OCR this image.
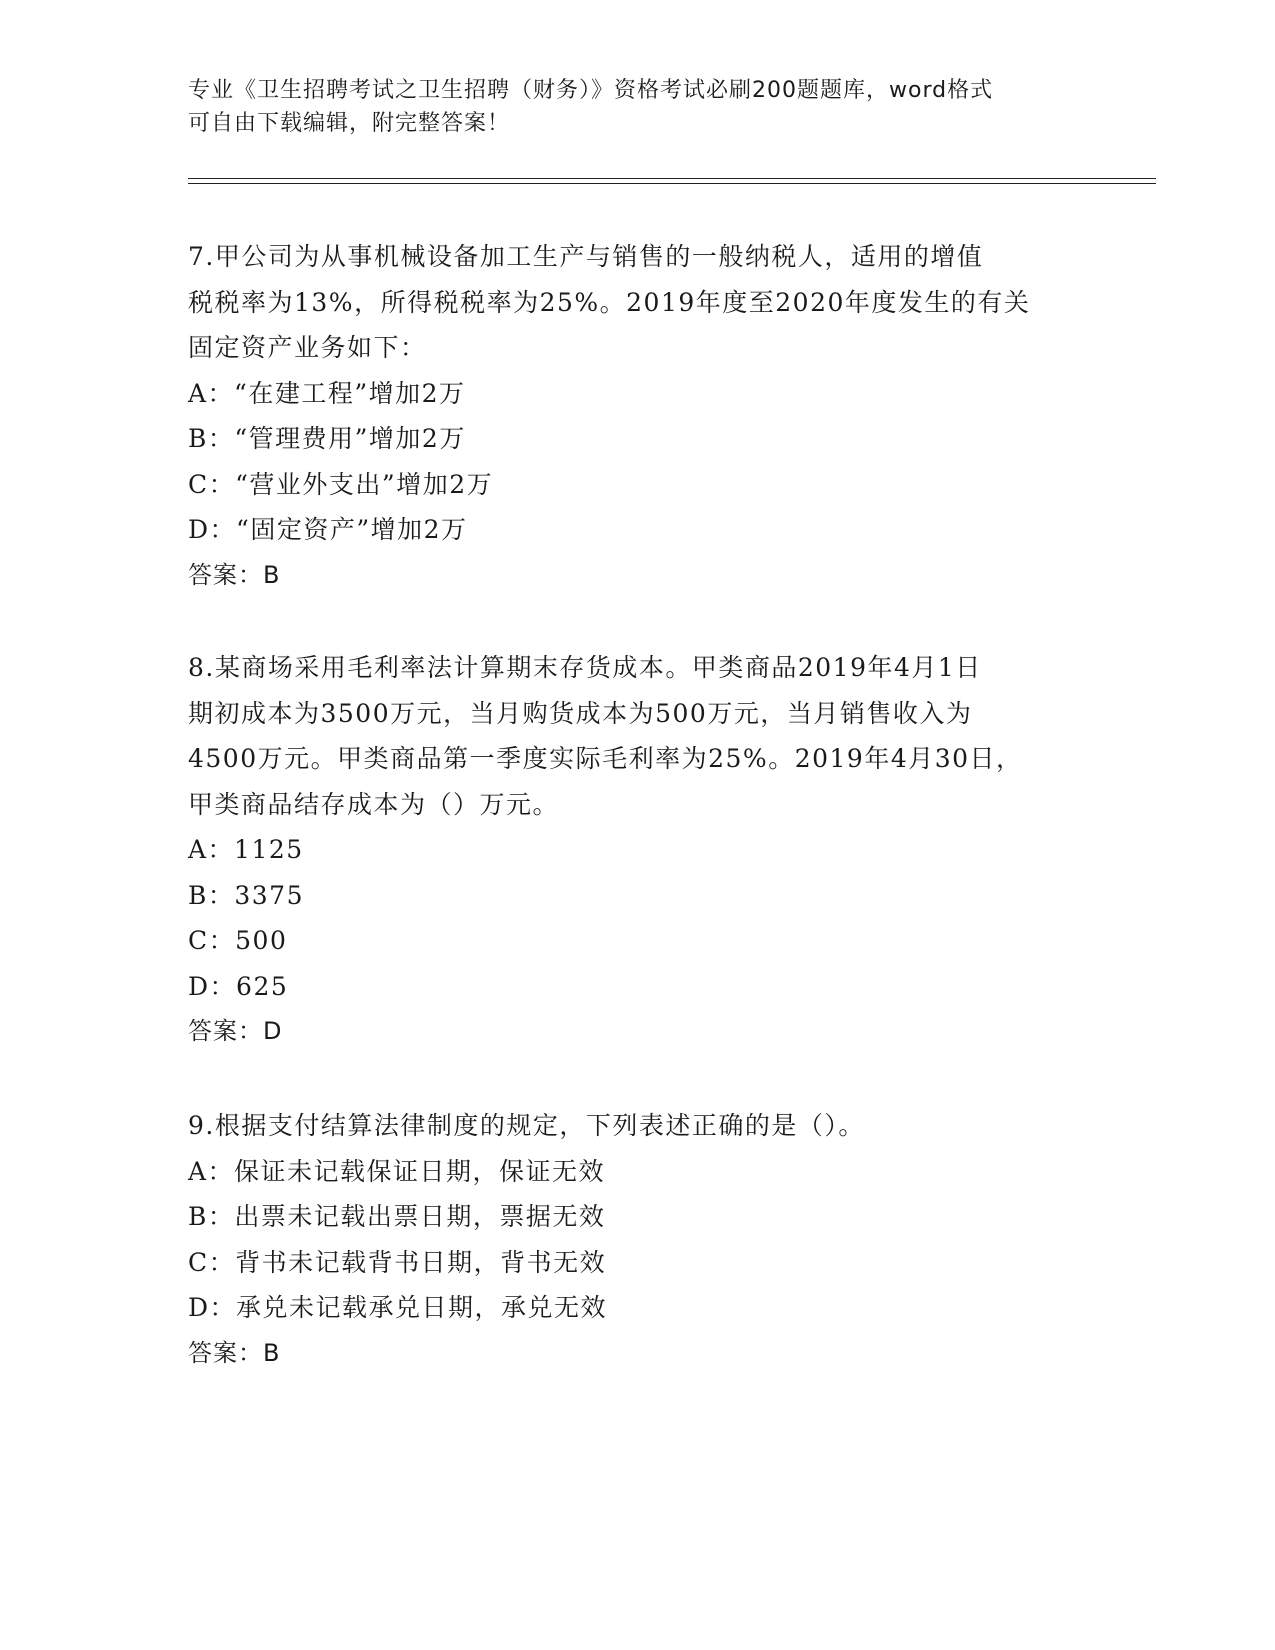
专业《卫生招聘考试之卫生招聘（财务）》资格考试必刷200题题库，word格式
可自由下载编辑，附完整答案！
7.甲公司为从事机械设备加工生产与销售的一般纳税人，适用的增值
税税率为13%，所得税税率为25%。2019年度至2020年度发生的有关
固定资产业务如下：
A：“在建工程”增加2万
B：“管理费用”增加2万
C：“营业外支出”增加2万
D：“固定资产”增加2万
答案：B
8.某商场采用毛利率法计算期末存货成本。甲类商品2019年4月1日
期初成本为3500万元，当月购货成本为500万元，当月销售收入为
4500万元。甲类商品第一季度实际毛利率为25%。2019年4月30日，
甲类商品结存成本为（）万元。
A：1125
B：3375
C：500
D：625
答案：D
9.根据支付结算法律制度的规定，下列表述正确的是（）。
A：保证未记载保证日期，保证无效
B：出票未记载出票日期，票据无效
C：背书未记载背书日期，背书无效
D：承兑未记载承兑日期，承兑无效
答案：B
